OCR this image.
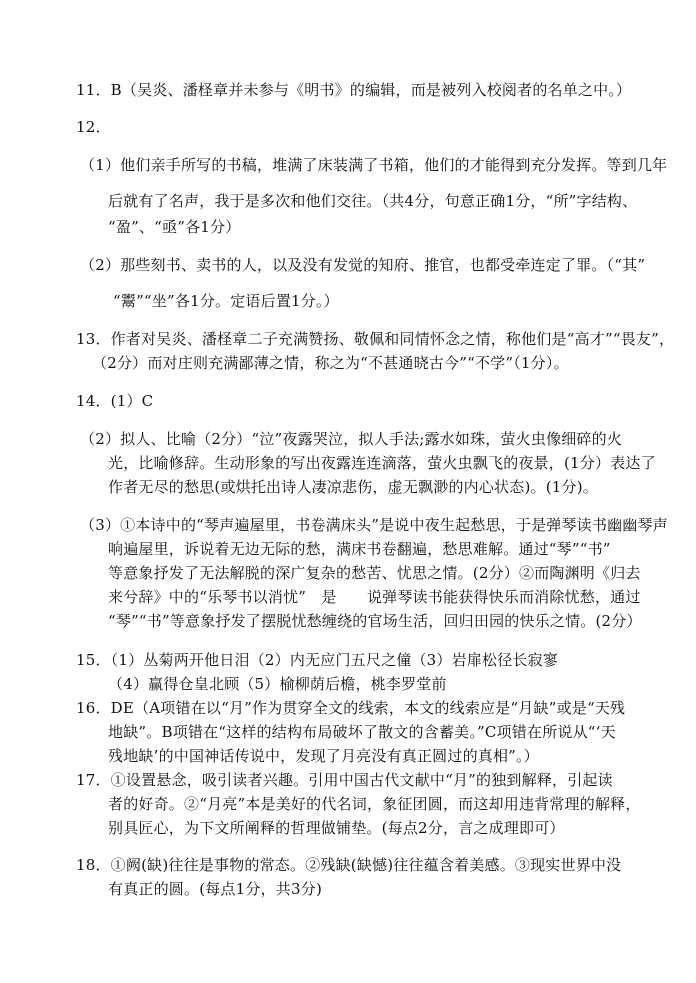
11．B（吴炎、潘柽章并未参与《明书》的编辑，而是被列入校阅者的名单之中。）
12．
（1）他们亲手所写的书稿，堆满了床装满了书箱，他们的才能得到充分发挥。等到几年
后就有了名声，我于是多次和他们交往。（共4分，句意正确1分，“所”字结构、
“盈”、“亟”各1分）
（2）那些刻书、卖书的人，以及没有发觉的知府、推官，也都受牵连定了罪。（“其”
“鬻”“坐”各1分。定语后置1分。）
13．作者对吴炎、潘柽章二子充满赞扬、敬佩和同情怀念之情，称他们是“高才”“畏友”，
（2分）而对庄则充满鄙薄之情，称之为“不甚通晓古今”“不学”（1分）。
14．(1）C
（2）拟人、比喻（2分）“泣”夜露哭泣，拟人手法;露水如珠，萤火虫像细碎的火
光，比喻修辞。生动形象的写出夜露连连滴落，萤火虫飘飞的夜景，(1分）表达了
作者无尽的愁思(或烘托出诗人凄凉悲伤，虚无飘渺的内心状态)。(1分)。
（3）①本诗中的“琴声遍屋里，书卷满床头”是说中夜生起愁思，于是弹琴读书幽幽琴声
响遍屋里，诉说着无边无际的愁，满床书卷翻遍，愁思难解。通过“琴”“书”
等意象抒发了无法解脱的深广复杂的愁苦、忧思之情。(2分）②而陶渊明《归去
来兮辞》中的“乐琴书以消忧”　是　　说弹琴读书能获得快乐而消除忧愁，通过
“琴”“书”等意象抒发了摆脱忧愁缠绕的官场生活，回归田园的快乐之情。(2分）
15．（1）丛菊两开他日泪（2）内无应门五尺之僮（3）岩扉松径长寂寥
（4）赢得仓皇北顾（5）榆柳荫后檐，桃李罗堂前
16．DE（A项错在以“月”作为贯穿全文的线索，本文的线索应是“月缺”或是“天残
地缺”。B项错在“这样的结构布局破坏了散文的含蓄美。”C项错在所说从“‘天
残地缺’的中国神话传说中，发现了月亮没有真正圆过的真相”。）
17．①设置悬念，吸引读者兴趣。引用中国古代文献中“月”的独到解释，引起读
者的好奇。②“月亮”本是美好的代名词，象征团圆，而这却用违背常理的解释，
别具匠心，为下文所阐释的哲理做铺垫。(每点2分，言之成理即可）
18．①阙(缺)往往是事物的常态。②残缺(缺憾)往往蕴含着美感。③现实世界中没
有真正的圆。(每点1分，共3分)
